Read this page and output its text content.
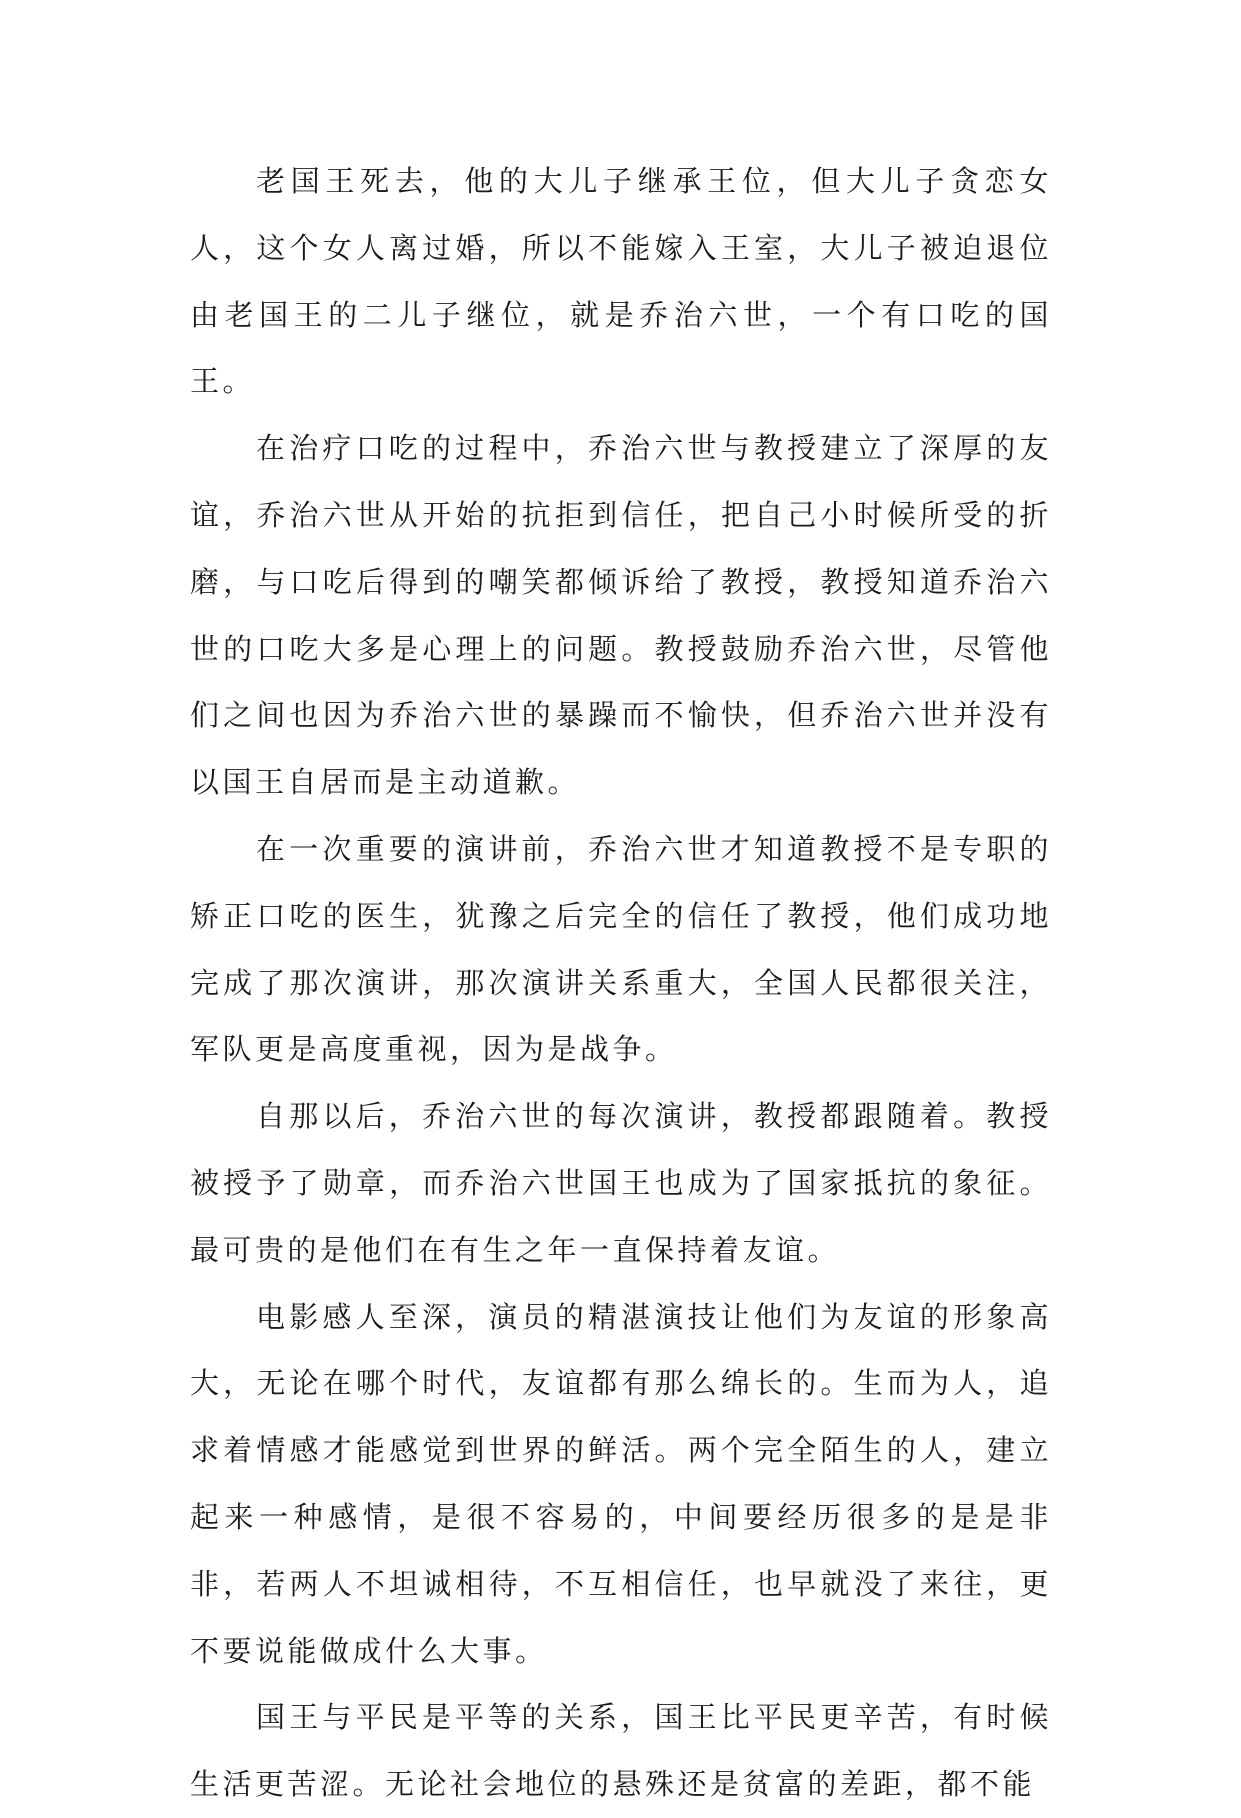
老国王死去，他的大儿子继承王位，但大儿子贪恋女人，这个女人离过婚，所以不能嫁入王室，大儿子被迫退位由老国王的二儿子继位，就是乔治六世，一个有口吃的国王。

在治疗口吃的过程中，乔治六世与教授建立了深厚的友谊，乔治六世从开始的抗拒到信任，把自己小时候所受的折磨，与口吃后得到的嘲笑都倾诉给了教授，教授知道乔治六世的口吃大多是心理上的问题。教授鼓励乔治六世，尽管他们之间也因为乔治六世的暴躁而不愉快，但乔治六世并没有以国王自居而是主动道歉。

在一次重要的演讲前，乔治六世才知道教授不是专职的矫正口吃的医生，犹豫之后完全的信任了教授，他们成功地完成了那次演讲，那次演讲关系重大，全国人民都很关注，军队更是高度重视，因为是战争。

自那以后，乔治六世的每次演讲，教授都跟随着。教授被授予了勋章，而乔治六世国王也成为了国家抵抗的象征。最可贵的是他们在有生之年一直保持着友谊。

电影感人至深，演员的精湛演技让他们为友谊的形象高大，无论在哪个时代，友谊都有那么绵长的。生而为人，追求着情感才能感觉到世界的鲜活。两个完全陌生的人，建立起来一种感情，是很不容易的，中间要经历很多的是是非非，若两人不坦诚相待，不互相信任，也早就没了来往，更不要说能做成什么大事。

国王与平民是平等的关系，国王比平民更辛苦，有时候生活更苦涩。无论社会地位的悬殊还是贫富的差距，都不能
